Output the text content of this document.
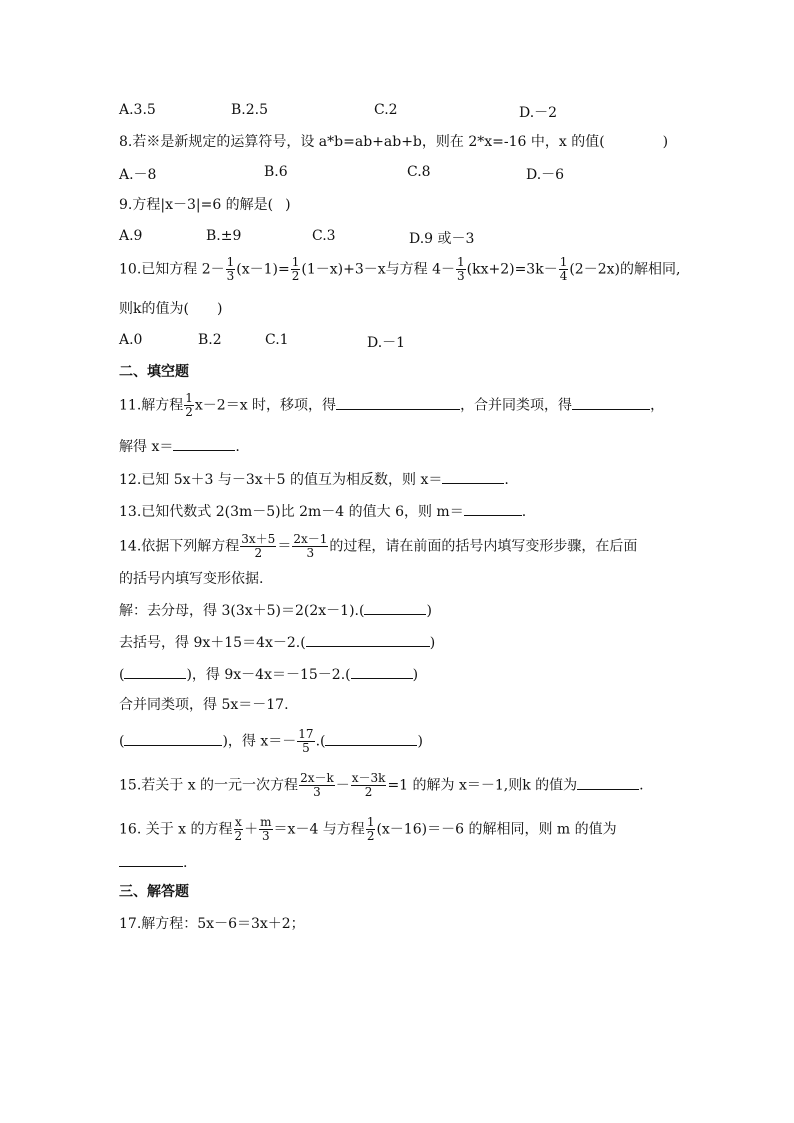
A.3.5	B.2.5	C.2	D.－2
8.若※是新规定的运算符号，设 a*b=ab+ab+b，则在 2*x=-16 中，x 的值(	)
A.－8	B.6	C.8	D.－6
9.方程|x－3|=6 的解是( )
A.9	B.±9	C.3	D.9 或－3
10.已知方程 $2- \frac{1}{3} (x-1)= \frac{1}{2} (1-x)+3-x$与方程 $4- \frac{1}{3} (kx+2)=3k- \frac{1}{4} (2-2x)$的解相同,
则k的值为(　　)
A.0	B.2	C.1	D.－1
二、填空题
11.解方程 $\frac{1}{2} x-2=x$ 时，移项，得	，合并同类项，得	，
解得 x＝	.
12.已知 5x＋3 与－3x＋5 的值互为相反数，则 x＝	.
13.已知代数式 2(3m－5)比 2m－4 的值大 6，则 m＝	.
14.依据下列解方程 $\frac{3x+5}{2} = \frac{2x-1}{3}$ 的过程，请在前面的括号内填写变形步骤，在后面
的括号内填写变形依据.
解：去分母，得 3(3x＋5)＝2(2x－1).(	)
去括号，得 9x＋15＝4x－2.(	)
(	)，得 9x－4x＝－15－2.(	)
合并同类项，得 5x＝－17.
(	)，得 $x=- \frac{17}{5}$ .(	)
15.若关于 x 的一元一次方程 $\frac{2x-k}{3} - \frac{x-3k}{2} =1$ 的解为 x＝－1,则k 的值为	.
16. 关于 x 的方程 $\frac{x}{2} + \frac{m}{3} =x-4$ 与方程 $\frac{1}{2} (x-16)=-6$ 的解相同，则 m 的值为
.
三、解答题
17.解方程：5x－6＝3x＋2；
